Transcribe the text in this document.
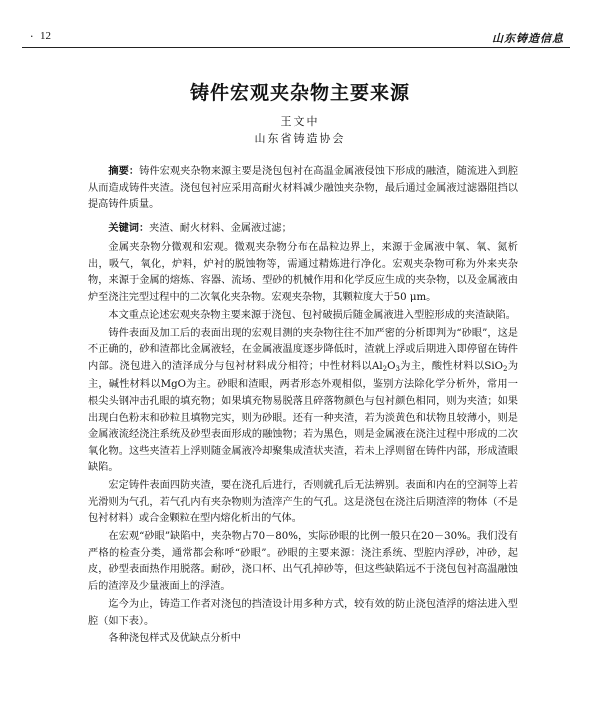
· 12	山东铸造信息
铸件宏观夹杂物主要来源
王文中
山东省铸造协会

摘要：铸件宏观夹杂物来源主要是浇包包衬在高温金属液侵蚀下形成的融渣，随流进入到腔从而造成铸件夹渣。浇包包衬应采用高耐火材料减少融蚀夹杂物，最后通过金属液过滤器阻挡以提高铸件质量。

关键词：夹渣、耐火材料、金属液过滤；

金属夹杂物分微观和宏观。微观夹杂物分布在晶粒边界上，来源于金属液中氧、氧、氮析出，吸气，氧化，炉料，炉衬的脱蚀物等，需通过精炼进行净化。宏观夹杂物可称为外来夹杂物，来源于金属的熔炼、容器、流场、型砂的机械作用和化学反应生成的夹杂物，以及金属液由炉至浇注完型过程中的二次氧化夹杂物。宏观夹杂物，其颗粒度大于50 μm。

本文重点论述宏观夹杂物主要来源于浇包、包衬破损后随金属液进入型腔形成的夹渣缺陷。

铸件表面及加工后的表面出现的宏观目测的夹杂物往往不加严密的分析即判为“砂眼”，这是不正确的，砂和渣都比金属液轻，在金属液温度逐步降低时，渣就上浮或后期进入即停留在铸件内部。浇包进入的渣泽成分与包衬材料成分相符；中性材料以$Al_2O_3$为主，酸性材料以SiO$_2$为主，碱性材料以MgO为主。砂眼和渣眼，两者形态外观相似，鉴别方法除化学分析外，常用一根尖头钢冲击孔眼的填充物；如果填充物易脱落且碎落物颜色与包衬颜色相同，则为夹渣；如果出现白色粉末和砂粒且填物完实，则为砂眼。还有一种夹渣，若为淡黄色和状物且较薄小，则是金属液流经浇注系统及砂型表面形成的融蚀物；若为黑色，则是金属液在浇注过程中形成的二次氧化物。这些夹渣若上浮则随金属液冷却聚集成渣状夹渣，若未上浮则留在铸件内部，形成渣眼缺陷。

宏定铸件表面四防夹渣，要在浇孔后进行，否则就孔后无法辨别。表面和内在的空洞等上若光滑则为气孔，若气孔内有夹杂物则为渣滓产生的气孔。这是浇包在浇注后期渣滓的物体（不是包衬材料）或合金颗粒在型内熔化析出的气体。

在宏观“砂眼”缺陷中，夹杂物占70－80%，实际砂眼的比例一般只在20－30%。我们没有严格的检查分类，通常都会称呼“砂眼”。砂眼的主要来源：浇注系统、型腔内浮砂，冲砂，起皮，砂型表面热作用脱落。耐砂，浇口杯、出气孔掉砂等，但这些缺陷远不于浇包包衬高温融蚀后的渣滓及少量液面上的浮渣。

迄今为止，铸造工作者对浇包的挡渣设计用多种方式，较有效的防止浇包渣浮的熔法进入型腔（如下表）。

各种浇包样式及优缺点分析中
